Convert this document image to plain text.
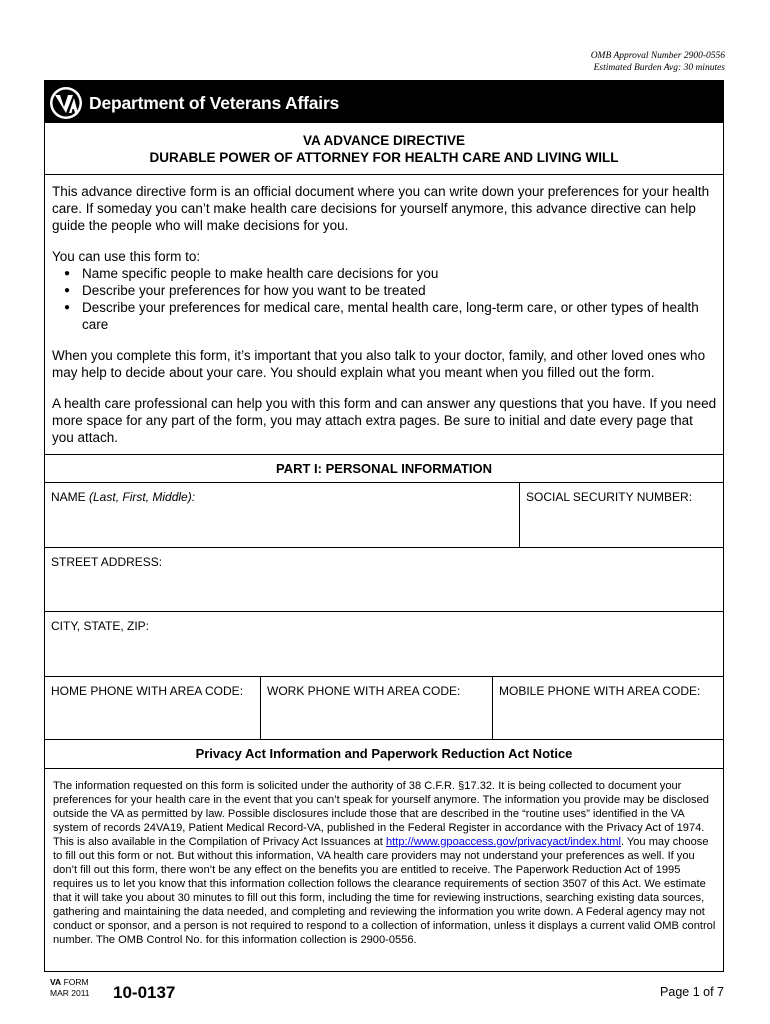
OMB Approval Number 2900-0556
Estimated Burden Avg: 30 minutes
Department of Veterans Affairs
VA ADVANCE DIRECTIVE
DURABLE POWER OF ATTORNEY FOR HEALTH CARE AND LIVING WILL

This advance directive form is an official document where you can write down your preferences for your health care. If someday you can’t make health care decisions for yourself anymore, this advance directive can help guide the people who will make decisions for you.

You can use this form to:
● Name specific people to make health care decisions for you
● Describe your preferences for how you want to be treated
● Describe your preferences for medical care, mental health care, long-term care, or other types of health care

When you complete this form, it’s important that you also talk to your doctor, family, and other loved ones who may help to decide about your care. You should explain what you meant when you filled out the form.

A health care professional can help you with this form and can answer any questions that you have. If you need more space for any part of the form, you may attach extra pages. Be sure to initial and date every page that you attach.

PART I: PERSONAL INFORMATION
NAME (Last, First, Middle):	SOCIAL SECURITY NUMBER:
STREET ADDRESS:
CITY, STATE, ZIP:
HOME PHONE WITH AREA CODE:	WORK PHONE WITH AREA CODE:	MOBILE PHONE WITH AREA CODE:
Privacy Act Information and Paperwork Reduction Act Notice
The information requested on this form is solicited under the authority of 38 C.F.R. §17.32. It is being collected to document your preferences for your health care in the event that you can’t speak for yourself anymore. The information you provide may be disclosed outside the VA as permitted by law. Possible disclosures include those that are described in the “routine uses” identified in the VA system of records 24VA19, Patient Medical Record-VA, published in the Federal Register in accordance with the Privacy Act of 1974. This is also available in the Compilation of Privacy Act Issuances at http://www.gpoaccess.gov/privacyact/index.html. You may choose to fill out this form or not. But without this information, VA health care providers may not understand your preferences as well. If you don’t fill out this form, there won’t be any effect on the benefits you are entitled to receive. The Paperwork Reduction Act of 1995 requires us to let you know that this information collection follows the clearance requirements of section 3507 of this Act. We estimate that it will take you about 30 minutes to fill out this form, including the time for reviewing instructions, searching existing data sources, gathering and maintaining the data needed, and completing and reviewing the information you write down. A Federal agency may not conduct or sponsor, and a person is not required to respond to a collection of information, unless it displays a current valid OMB control number. The OMB Control No. for this information collection is 2900-0556.
VA FORM
MAR 2011 10-0137	Page 1 of 7
